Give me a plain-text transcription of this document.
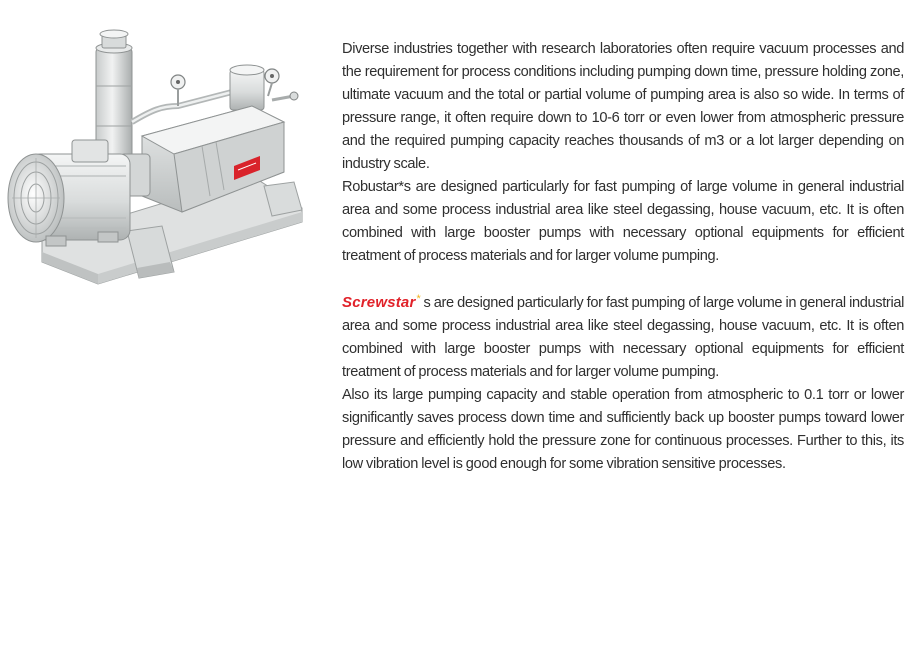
Diverse industries together with research laboratories often require vacuum processes and the requirement for process conditions including pumping down time, pressure holding zone, ultimate vacuum and the total or partial volume of pumping area is also so wide. In terms of pressure range, it often require down to 10-6 torr or even lower from atmospheric pressure and the required pumping capacity reaches thousands of m3 or a lot larger depending on industry scale.

Robustar*s are designed particularly for fast pumping of large volume in general industrial area and some process industrial area like steel degassing, house vacuum, etc. It is often combined with large booster pumps with necessary optional equipments for efficient treatment of process materials and for larger volume pumping.

Screwstar* s are designed particularly for fast pumping of large volume in general industrial area and some process industrial area like steel degassing, house vacuum, etc. It is often combined with large booster pumps with necessary optional equipments for efficient treatment of process materials and for larger volume pumping.

Also its large pumping capacity and stable operation from atmospheric to 0.1 torr or lower significantly saves process down time and sufficiently back up booster pumps toward lower pressure and efficiently hold the pressure zone for continuous processes. Further to this, its low vibration level is good enough for some vibration sensitive processes.
